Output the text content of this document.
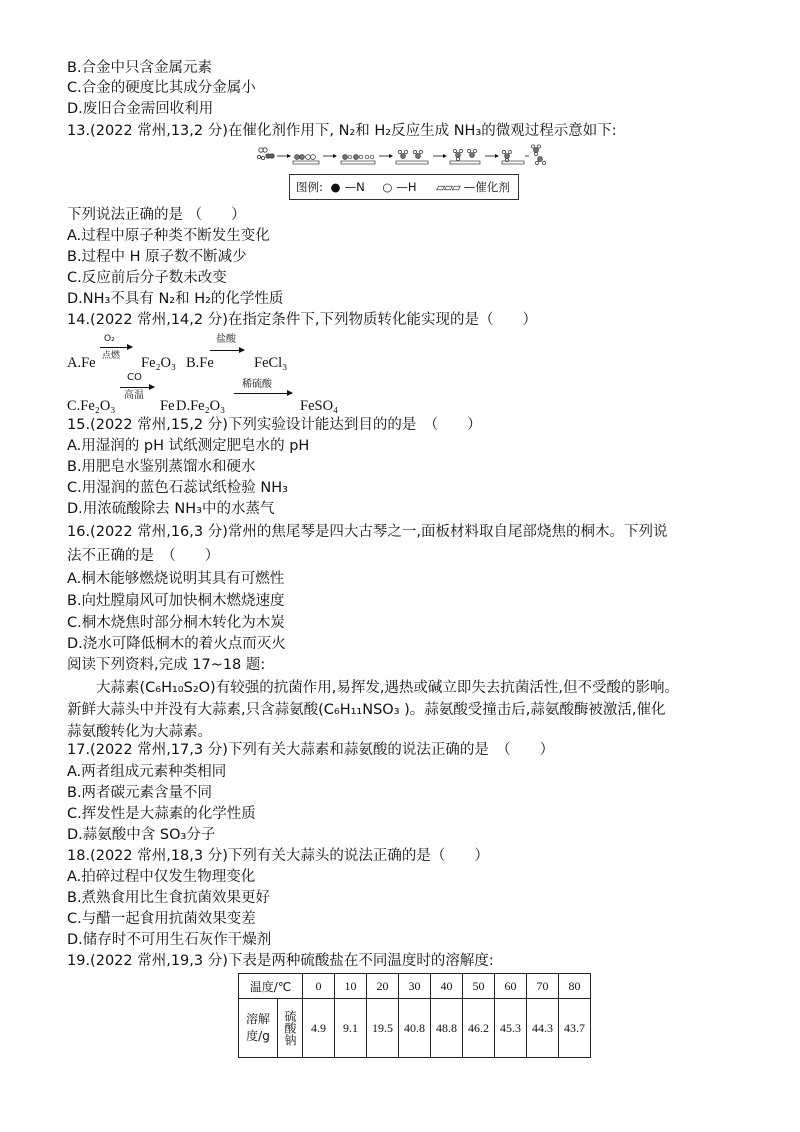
B.合金中只含金属元素
C.合金的硬度比其成分金属小
D.废旧合金需回收利用
13.(2022 常州,13,2 分)在催化剂作用下, N₂和 H₂反应生成 NH₃的微观过程示意如下:
图例: ● —N ○ —H ▱▱▱ —催化剂
下列说法正确的是 （　　）
A.过程中原子种类不断发生变化
B.过程中 H 原子数不断减少
C.反应前后分子数未改变
D.NH₃不具有 N₂和 H₂的化学性质
14.(2022 常州,14,2 分)在指定条件下,下列物质转化能实现的是（　　）
A.Fe
O₂
点燃 Fe₂O₃ B.Fe
盐酸
FeCl₃
C.Fe₂O₃
CO
高温
Fe D.Fe₂O₃
稀硫酸
FeSO₄
15.(2022 常州,15,2 分)下列实验设计能达到目的的是　（　　）
A.用湿润的 pH 试纸测定肥皂水的 pH
B.用肥皂水鉴别蒸馏水和硬水
C.用湿润的蓝色石蕊试纸检验 NH₃
D.用浓硫酸除去 NH₃中的水蒸气
16.(2022 常州,16,3 分)常州的焦尾琴是四大古琴之一,面板材料取自尾部烧焦的桐木。下列说
法不正确的是　（　　）
A.桐木能够燃烧说明其具有可燃性
B.向灶膛扇风可加快桐木燃烧速度
C.桐木烧焦时部分桐木转化为木炭
D.浇水可降低桐木的着火点而灭火
阅读下列资料,完成 17~18 题:
　　大蒜素(C₆H₁₀S₂O)有较强的抗菌作用,易挥发,遇热或碱立即失去抗菌活性,但不受酸的影响。
新鲜大蒜头中并没有大蒜素,只含蒜氨酸(C₆H₁₁NSO₃ )。蒜氨酸受撞击后,蒜氨酸酶被激活,催化
蒜氨酸转化为大蒜素。
17.(2022 常州,17,3 分)下列有关大蒜素和蒜氨酸的说法正确的是　（　　）
A.两者组成元素种类相同
B.两者碳元素含量不同
C.挥发性是大蒜素的化学性质
D.蒜氨酸中含 SO₃分子
18.(2022 常州,18,3 分)下列有关大蒜头的说法正确的是（　　）
A.拍碎过程中仅发生物理变化
B.煮熟食用比生食抗菌效果更好
C.与醋一起食用抗菌效果变差
D.储存时不可用生石灰作干燥剂
19.(2022 常州,19,3 分)下表是两种硫酸盐在不同温度时的溶解度:
温度/℃		0	10	20	30	40	50	60	70	80
溶解度/g	硫酸钠	4.9	9.1	19.5	40.8	48.8	46.2	45.3	44.3	43.7
